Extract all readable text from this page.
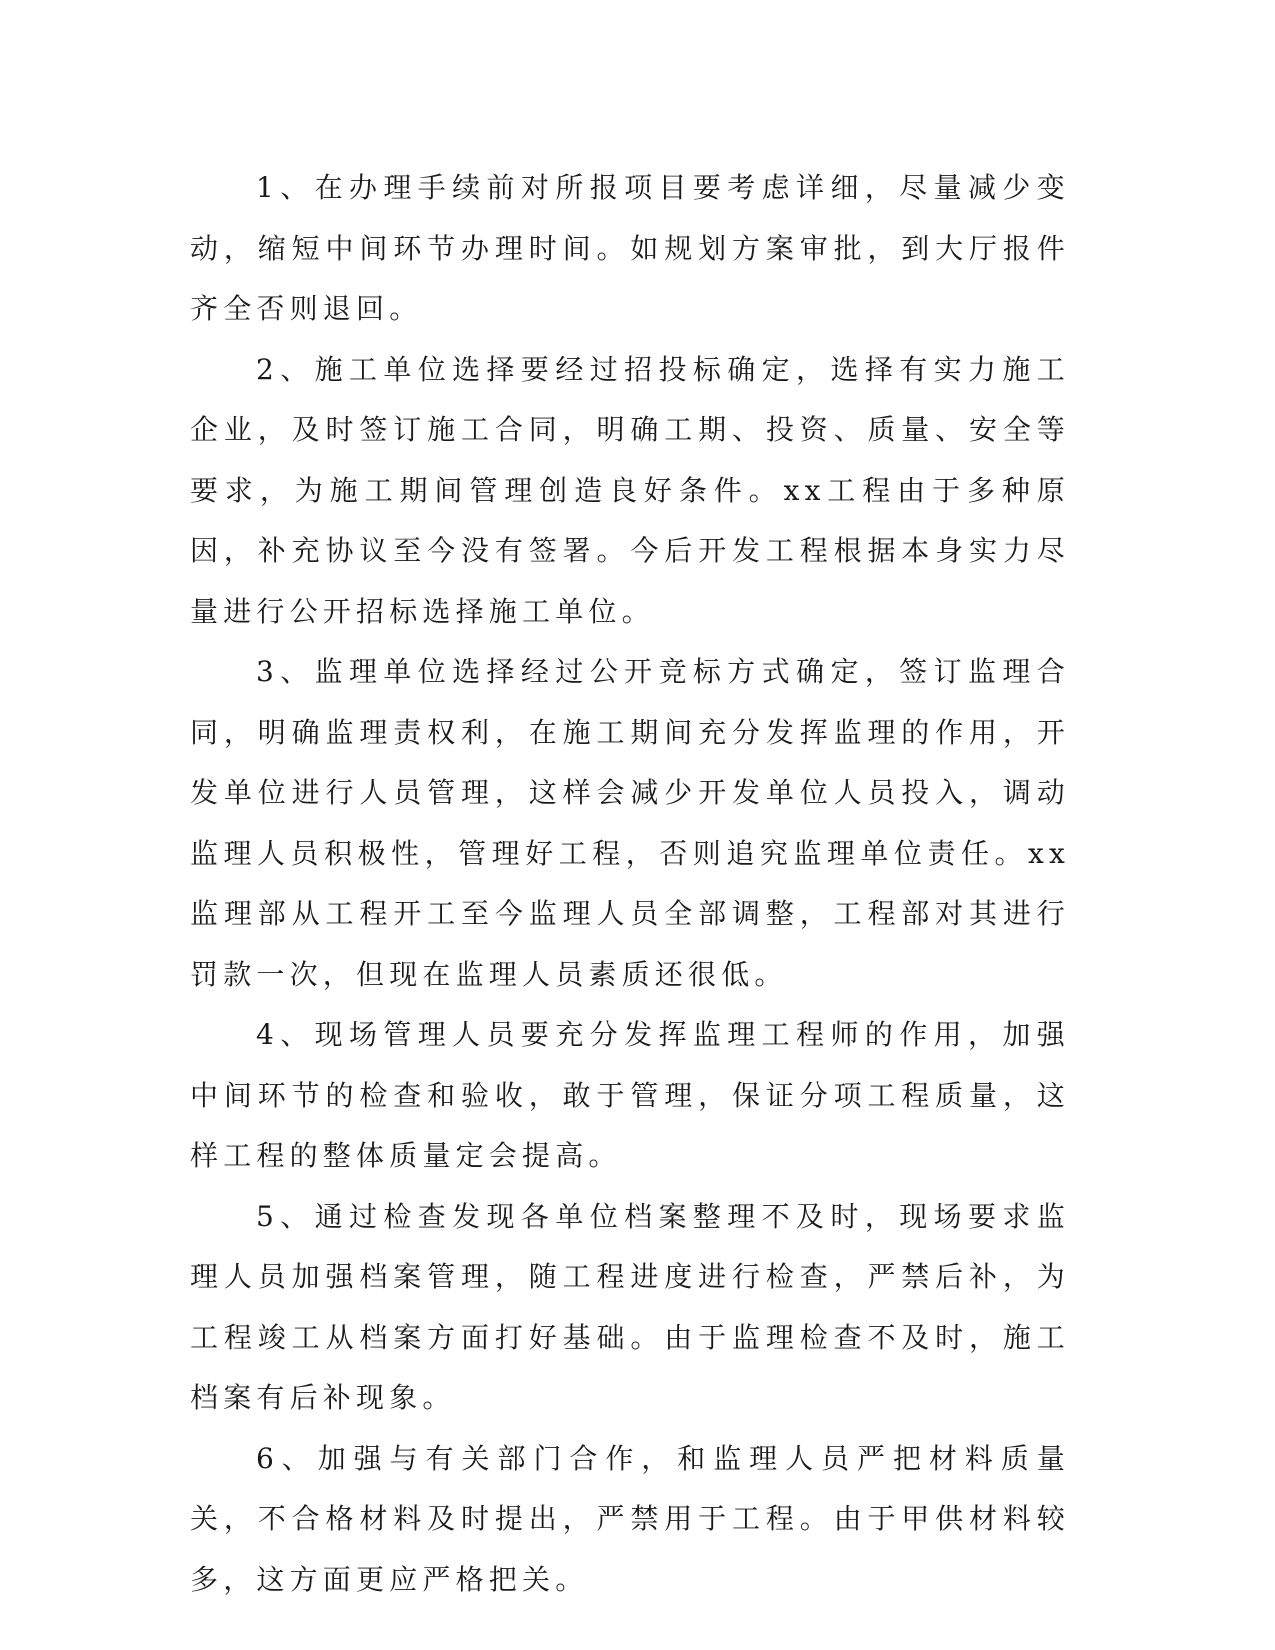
1、在办理手续前对所报项目要考虑详细，尽量减少变动，缩短中间环节办理时间。如规划方案审批，到大厅报件齐全否则退回。

2、施工单位选择要经过招投标确定，选择有实力施工企业，及时签订施工合同，明确工期、投资、质量、安全等要求，为施工期间管理创造良好条件。xx工程由于多种原因，补充协议至今没有签署。今后开发工程根据本身实力尽量进行公开招标选择施工单位。

3、监理单位选择经过公开竞标方式确定，签订监理合同，明确监理责权利，在施工期间充分发挥监理的作用，开发单位进行人员管理，这样会减少开发单位人员投入，调动监理人员积极性，管理好工程，否则追究监理单位责任。xx监理部从工程开工至今监理人员全部调整，工程部对其进行罚款一次，但现在监理人员素质还很低。

4、现场管理人员要充分发挥监理工程师的作用，加强中间环节的检查和验收，敢于管理，保证分项工程质量，这样工程的整体质量定会提高。

5、通过检查发现各单位档案整理不及时，现场要求监理人员加强档案管理，随工程进度进行检查，严禁后补，为工程竣工从档案方面打好基础。由于监理检查不及时，施工档案有后补现象。

6、加强与有关部门合作，和监理人员严把材料质量关，不合格材料及时提出，严禁用于工程。由于甲供材料较多，这方面更应严格把关。
